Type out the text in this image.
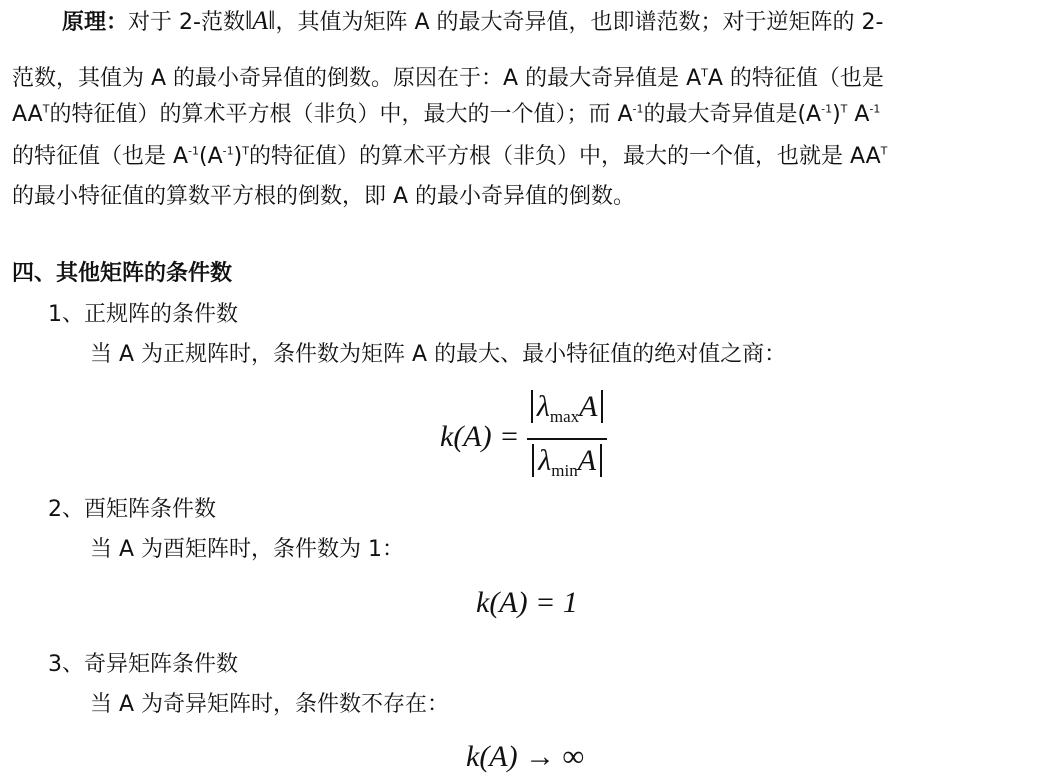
原理：对于 2-范数‖A‖，其值为矩阵 A 的最大奇异值，也即谱范数；对于逆矩阵的 2-
范数，其值为 A 的最小奇异值的倒数。原因在于：A 的最大奇异值是 $A^TA$ 的特征值（也是
$AA^T$的特征值）的算术平方根（非负）中，最大的一个值）；而 $A^{-1}$的最大奇异值是$(A^{-1})^T$ $A^{-1}$
的特征值（也是 $A^{-1}(A^{-1})^T$的特征值）的算术平方根（非负）中，最大的一个值，也就是 $AA^T$
的最小特征值的算数平方根的倒数，即 A 的最小奇异值的倒数。
四、其他矩阵的条件数
1、正规阵的条件数
当 A 为正规阵时，条件数为矩阵 A 的最大、最小特征值的绝对值之商：
$k(A) = \frac{\lambda_{max}A}{\lambda_{min}A}$
2、酉矩阵条件数
当 A 为酉矩阵时，条件数为 1：
k(A) = 1
3、奇异矩阵条件数
当 A 为奇异矩阵时，条件数不存在：
k(A) → ∞
